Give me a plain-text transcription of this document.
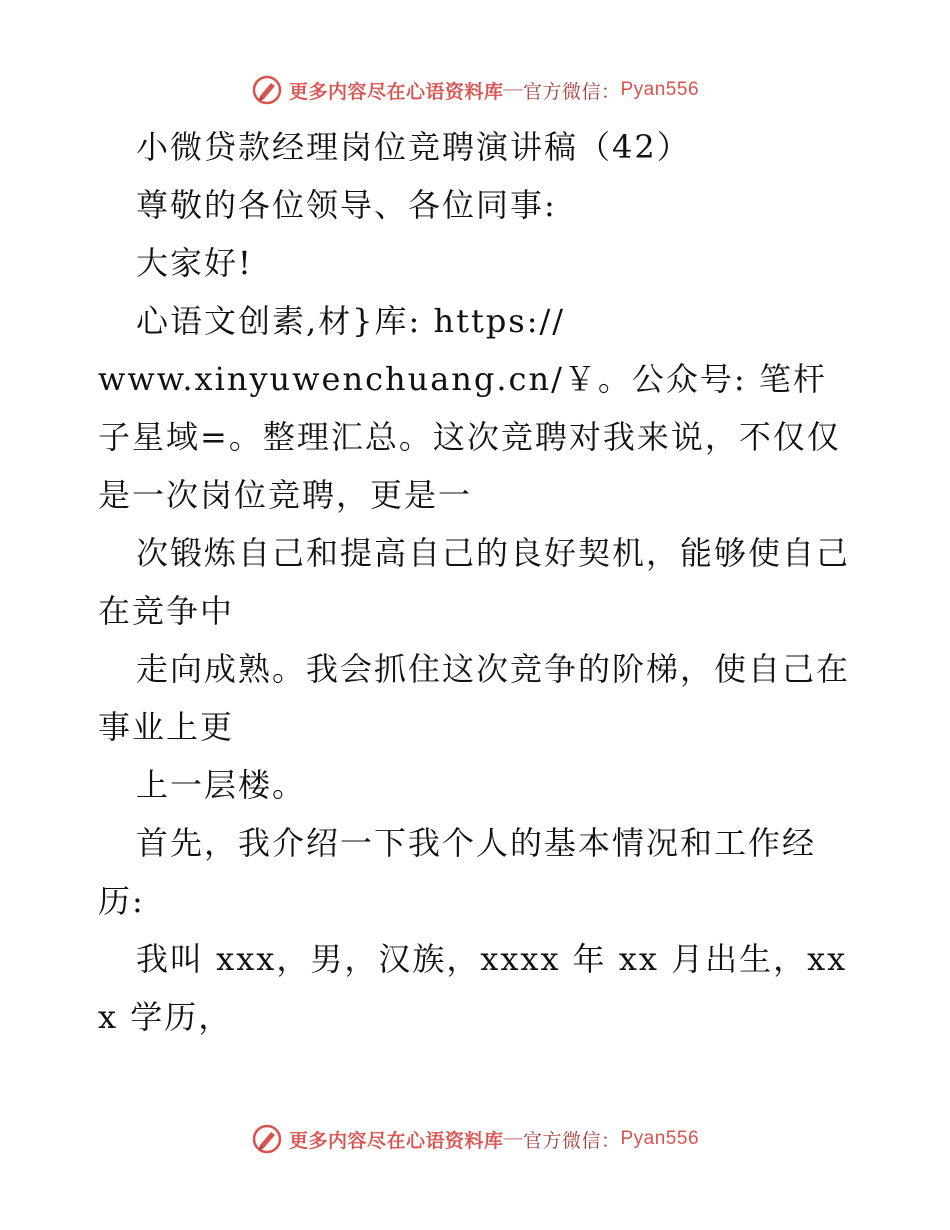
更多内容尽在心语资料库 — 官方微信： Pyan556

小微贷款经理岗位竞聘演讲稿（42）

尊敬的各位领导、各位同事:

大家好!

心语文创素,材}库: https://

www.xinyuwenchuang.cn/￥。公众号: 笔杆子星域=。整理汇总。这次竞聘对我来说，不仅仅是一次岗位竞聘，更是一

次锻炼自己和提高自己的良好契机，能够使自己在竞争中

走向成熟。我会抓住这次竞争的阶梯，使自己在事业上更

上一层楼。

首先，我介绍一下我个人的基本情况和工作经历:

我叫 xxx，男，汉族，xxxx 年 xx 月出生，xxx 学历，

更多内容尽在心语资料库 — 官方微信： Pyan556
